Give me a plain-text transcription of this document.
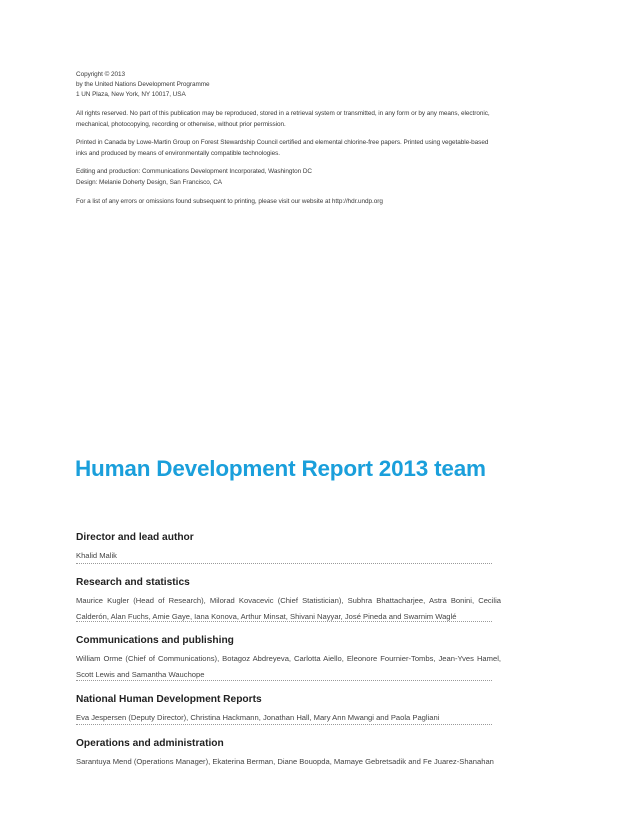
Copyright © 2013
by the United Nations Development Programme
1 UN Plaza, New York, NY 10017, USA

All rights reserved. No part of this publication may be reproduced, stored in a retrieval system or transmitted, in any form or by any means, electronic, mechanical, photocopying, recording or otherwise, without prior permission.

Printed in Canada by Lowe-Martin Group on Forest Stewardship Council certified and elemental chlorine-free papers. Printed using vegetable-based inks and produced by means of environmentally compatible technologies.

Editing and production: Communications Development Incorporated, Washington DC
Design: Melanie Doherty Design, San Francisco, CA

For a list of any errors or omissions found subsequent to printing, please visit our website at http://hdr.undp.org

Human Development Report 2013 team
Director and lead author

Khalid Malik

Research and statistics

Maurice Kugler (Head of Research), Milorad Kovacevic (Chief Statistician), Subhra Bhattacharjee, Astra Bonini, Cecilia Calderón, Alan Fuchs, Amie Gaye, Iana Konova, Arthur Minsat, Shivani Nayyar, José Pineda and Swarnim Waglé

Communications and publishing

William Orme (Chief of Communications), Botagoz Abdreyeva, Carlotta Aiello, Eleonore Fournier-Tombs, Jean-Yves Hamel, Scott Lewis and Samantha Wauchope

National Human Development Reports

Eva Jespersen (Deputy Director), Christina Hackmann, Jonathan Hall, Mary Ann Mwangi and Paola Pagliani

Operations and administration

Sarantuya Mend (Operations Manager), Ekaterina Berman, Diane Bouopda, Mamaye Gebretsadik and Fe Juarez-Shanahan
